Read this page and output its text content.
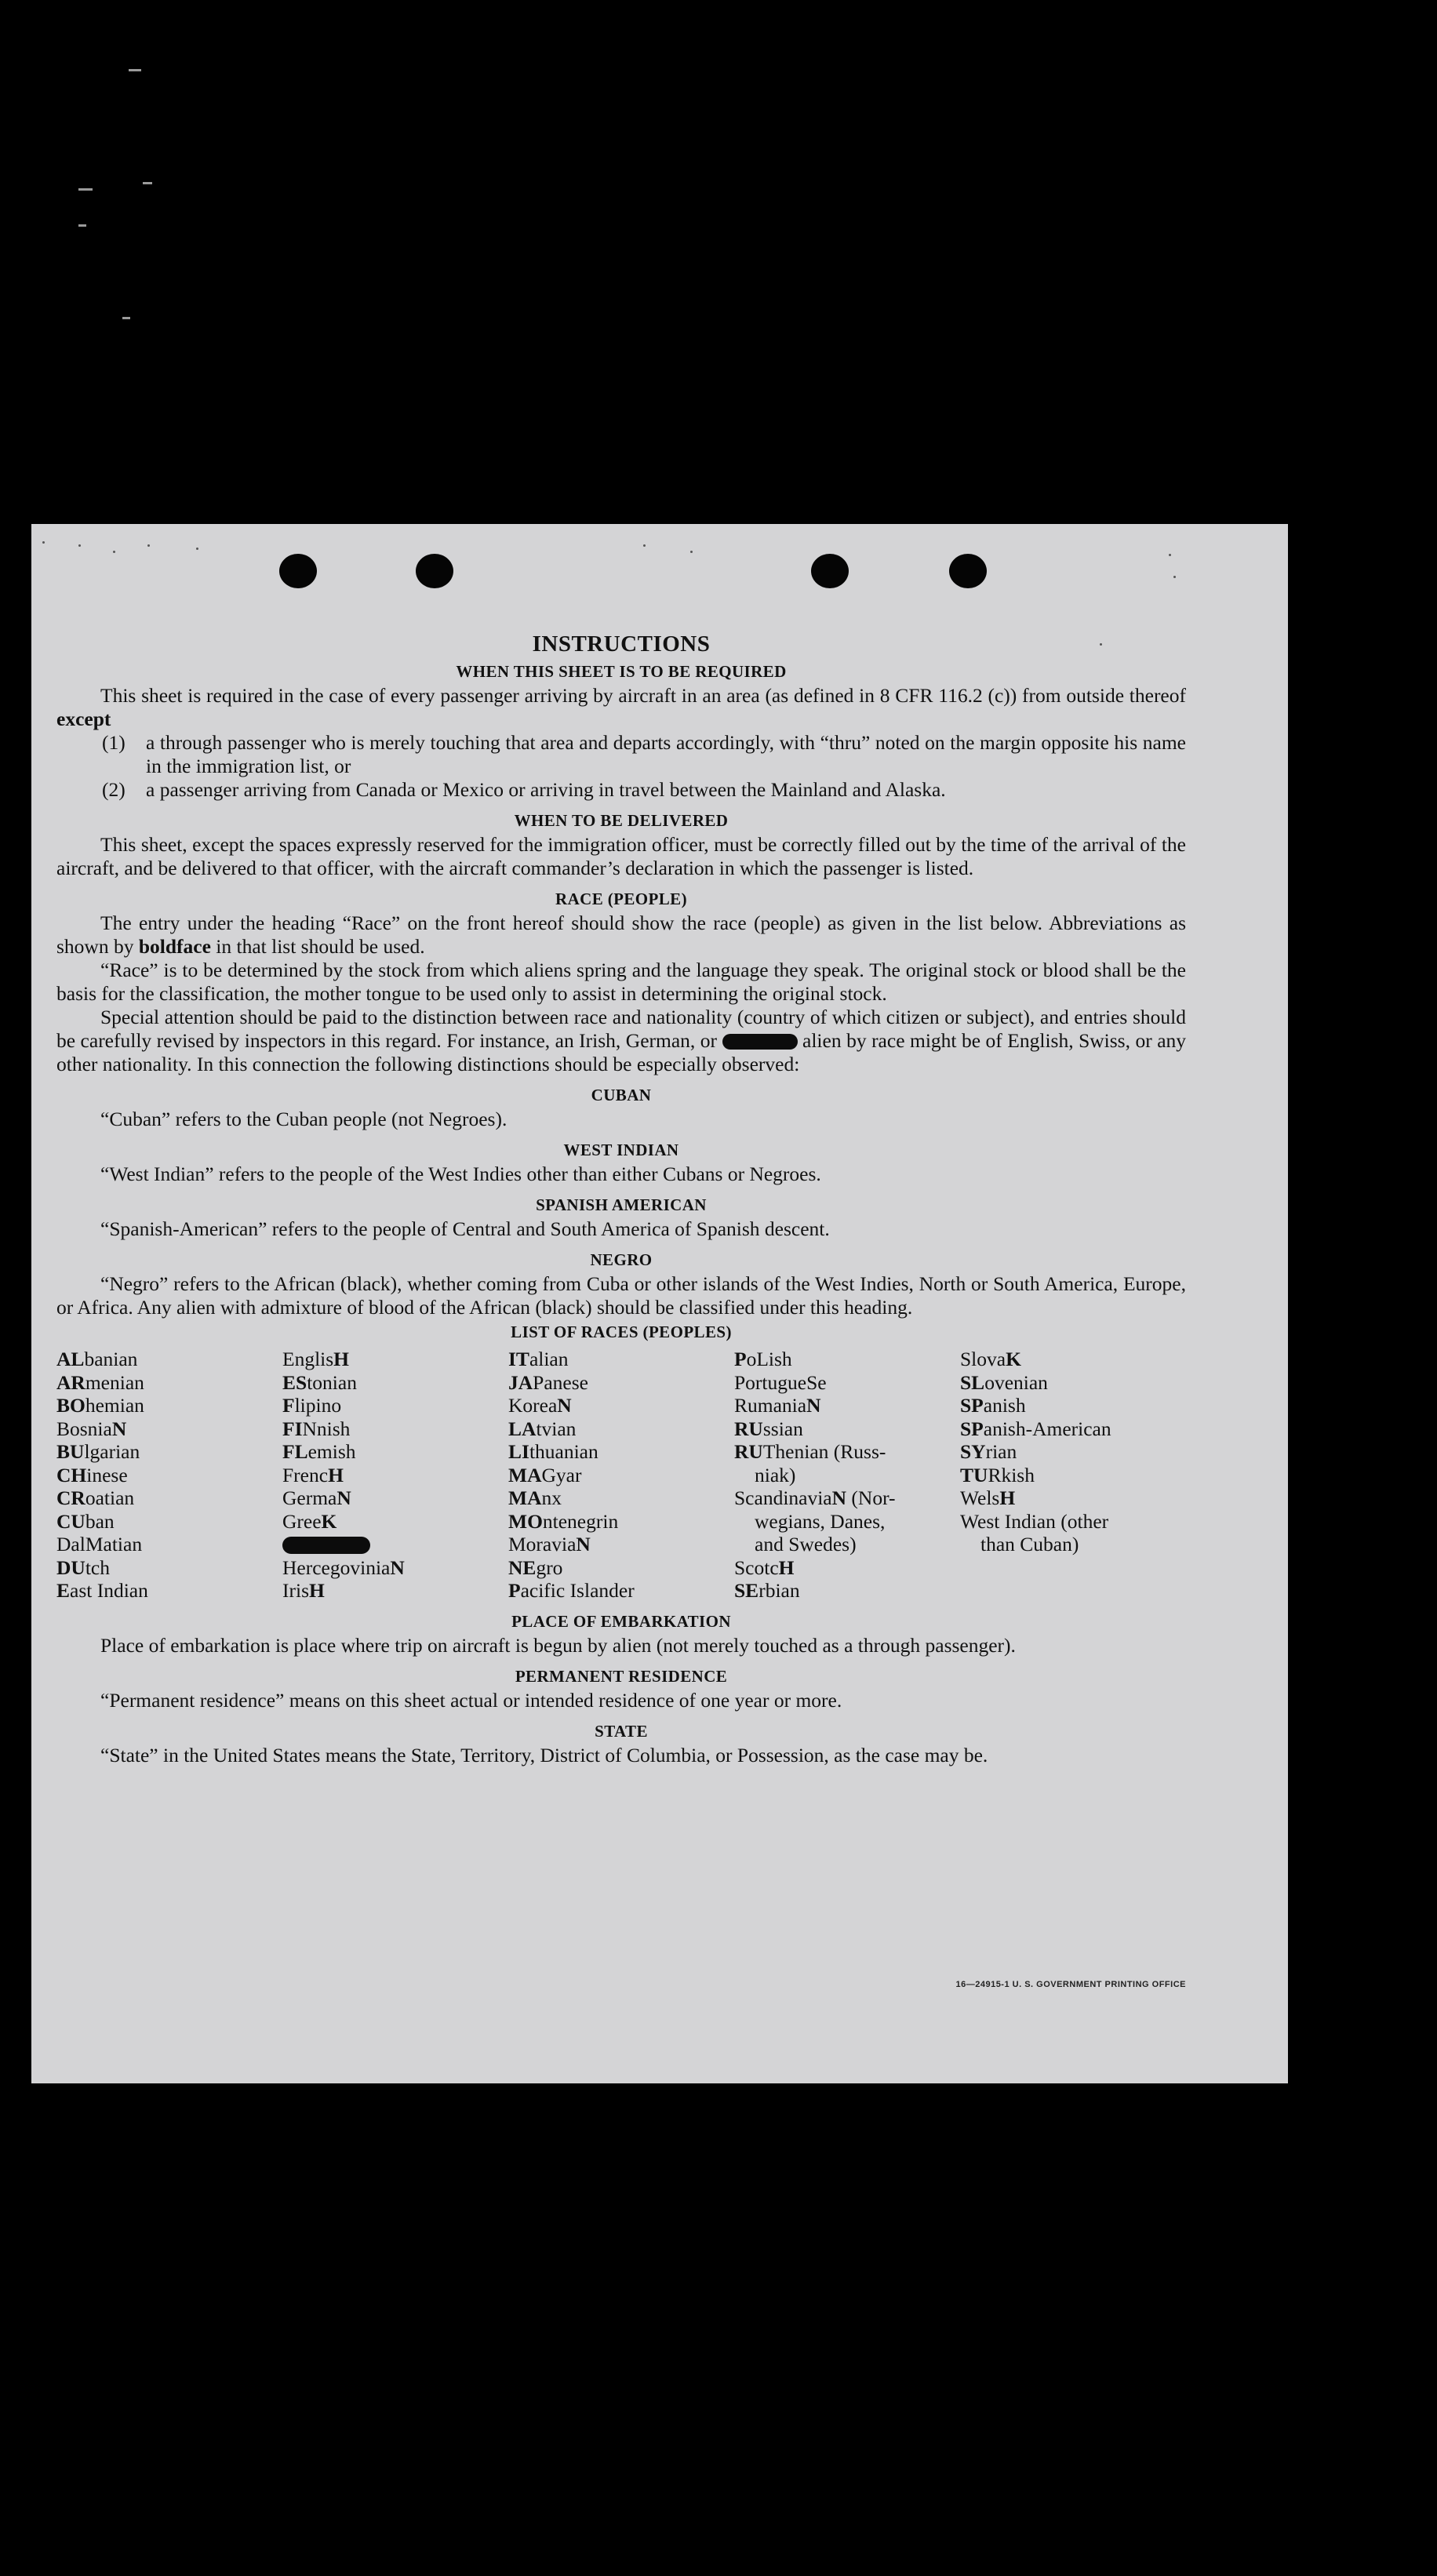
INSTRUCTIONS
WHEN THIS SHEET IS TO BE REQUIRED

This sheet is required in the case of every passenger arriving by aircraft in an area (as defined in 8 CFR 116.2 (c)) from outside thereof except

(1)	a through passenger who is merely touching that area and departs accordingly, with “thru” noted on the margin opposite his name in the immigration list, or
(2)	a passenger arriving from Canada or Mexico or arriving in travel between the Mainland and Alaska.
WHEN TO BE DELIVERED

This sheet, except the spaces expressly reserved for the immigration officer, must be correctly filled out by the time of the arrival of the aircraft, and be delivered to that officer, with the aircraft commander’s declaration in which the passenger is listed.

RACE (PEOPLE)

The entry under the heading “Race” on the front hereof should show the race (people) as given in the list below. Abbreviations as shown by boldface in that list should be used.

“Race” is to be determined by the stock from which aliens spring and the language they speak. The original stock or blood shall be the basis for the classification, the mother tongue to be used only to assist in determining the original stock.

Special attention should be paid to the distinction between race and nationality (country of which citizen or subject), and entries should be carefully revised by inspectors in this regard. For instance, an Irish, German, or	alien by race might be of English, Swiss, or any other nationality. In this connection the following distinctions should be especially observed:

CUBAN

“Cuban” refers to the Cuban people (not Negroes).

WEST INDIAN

“West Indian” refers to the people of the West Indies other than either Cubans or Negroes.

SPANISH AMERICAN

“Spanish-American” refers to the people of Central and South America of Spanish descent.

NEGRO

“Negro” refers to the African (black), whether coming from Cuba or other islands of the West Indies, North or South America, Europe, or Africa. Any alien with admixture of blood of the African (black) should be classified under this heading.

LIST OF RACES (PEOPLES)
ALbanian
ARmenian
BOhemian
BosniaN
BUlgarian
CHinese
CRoatian
CUban
DalMatian
DUtch
East Indian
EnglisH
EStonian
Flipino
FINnish
FLemish
FrencH
GermaN
GreeK
HercegoviniaN
IrisH
ITalian
JAPanese
KoreaN
LAtvian
LIthuanian
MAGyar
MAnx
MOntenegrin
MoraviaN
NEgro
Pacific Islander
PoLish
PortugueSe
RumaniaN
RUssian
RUThenian (Russ-
niak)
ScandinaviaN (Nor-
wegians, Danes,
and Swedes)
ScotcH
SErbian
SlovaK
SLovenian
SPanish
SPanish-American
SYrian
TURkish
WelsH
West Indian (other
than Cuban)
PLACE OF EMBARKATION

Place of embarkation is place where trip on aircraft is begun by alien (not merely touched as a through passenger).

PERMANENT RESIDENCE

“Permanent residence” means on this sheet actual or intended residence of one year or more.

STATE

“State” in the United States means the State, Territory, District of Columbia, or Possession, as the case may be.

16—24915-1 U. S. GOVERNMENT PRINTING OFFICE
